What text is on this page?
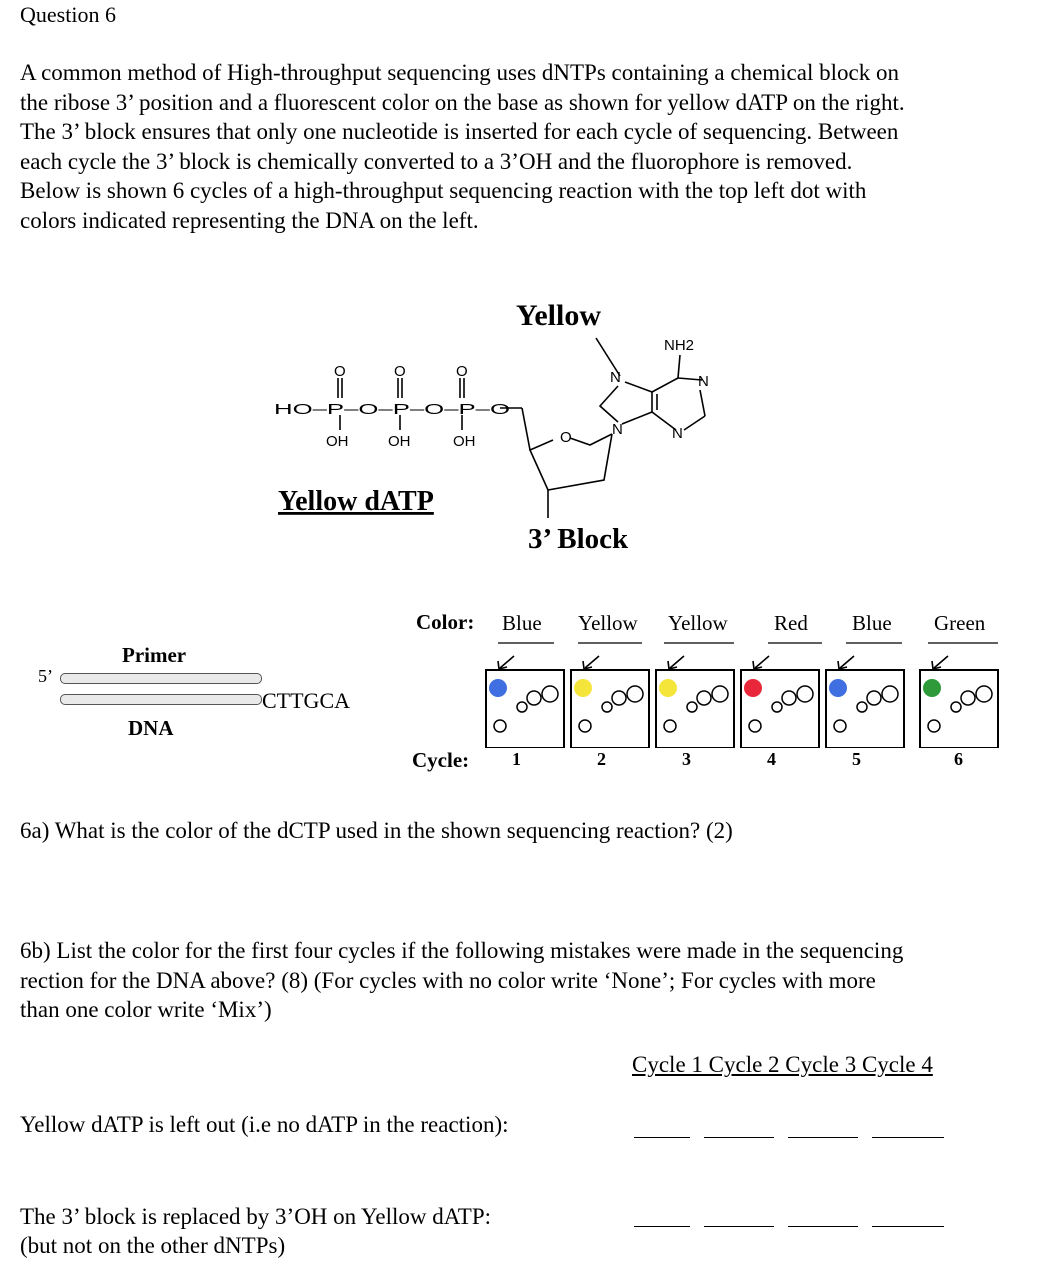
Question 6
A common method of High-throughput sequencing uses dNTPs containing a chemical block on
the ribose 3’ position and a fluorescent color on the base as shown for yellow dATP on the right.
The 3’ block ensures that only one nucleotide is inserted for each cycle of sequencing. Between
each cycle the 3’ block is chemically converted to a 3’OH and the fluorophore is removed.
Below is shown 6 cycles of a high-throughput sequencing reaction with the top left dot with
colors indicated representing the DNA on the left.
HO–P–O–P–O–P–O
O	O	O
OH	OH	OH	O
N
N
N
N
NH2
Yellow
Yellow dATP
3’ Block
Primer
5’
CTTGCA
DNA
Color: Blue Yellow Yellow Red Blue Green
Cycle: 1	2	3	4	5	6
6a) What is the color of the dCTP used in the shown sequencing reaction? (2)
6b) List the color for the first four cycles if the following mistakes were made in the sequencing
rection for the DNA above? (8) (For cycles with no color write ‘None’; For cycles with more
than one color write ‘Mix’)
Cycle 1 Cycle 2 Cycle 3 Cycle 4
Yellow dATP is left out (i.e no dATP in the reaction):
The 3’ block is replaced by 3’OH on Yellow dATP:
(but not on the other dNTPs)
